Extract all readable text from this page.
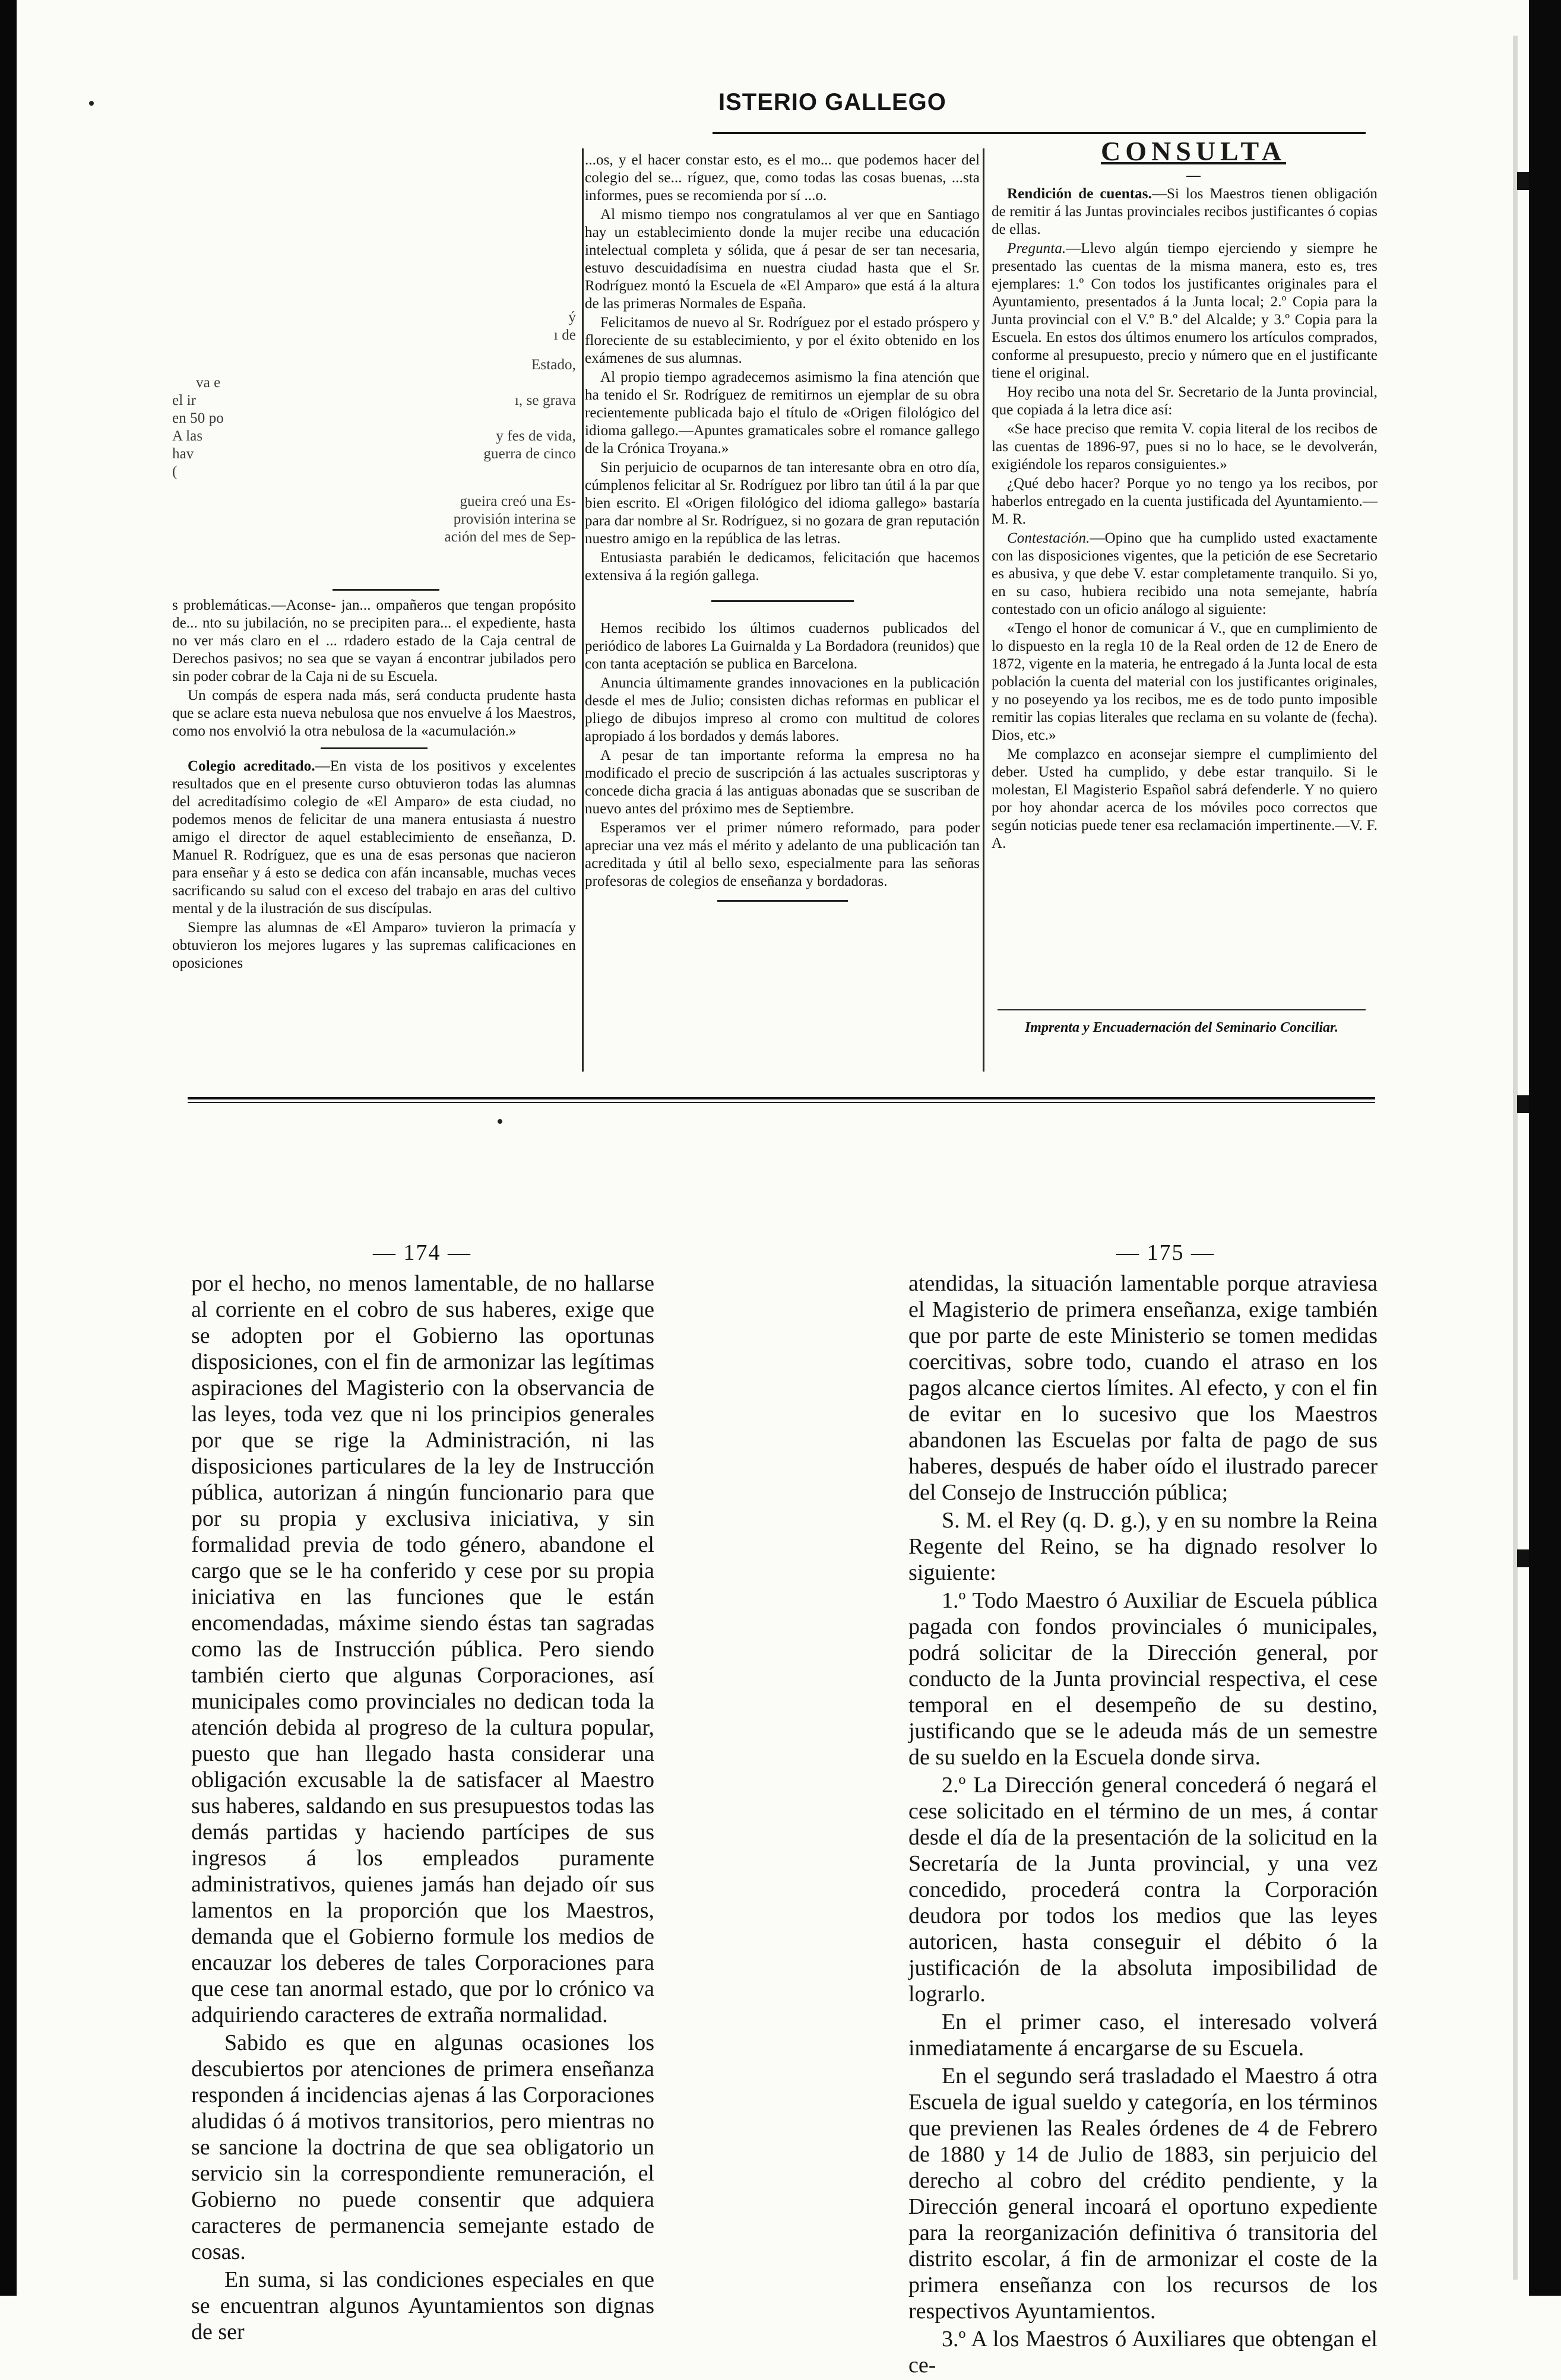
ISTERIO GALLEGO
ý
ı de
Estado,
va e
el ir	ı, se grava
en 50 po
A las	y fes de vida,
hav	guerra de cinco
(
gueira creó una Es-
provisión interina se
ación del mes de Sep-

s problemáticas.—Aconse- jan... ompañeros que tengan propósito de... nto su jubilación, no se precipiten para... el expediente, hasta no ver más claro en el ... rdadero estado de la Caja central de Derechos pasivos; no sea que se vayan á encontrar jubilados pero sin poder cobrar de la Caja ni de su Escuela.

Un compás de espera nada más, será conducta prudente hasta que se aclare esta nueva nebulosa que nos envuelve á los Maestros, como nos envolvió la otra nebulosa de la «acumulación.»

Colegio acreditado.—En vista de los positivos y excelentes resultados que en el presente curso obtuvieron todas las alumnas del acreditadísimo colegio de «El Amparo» de esta ciudad, no podemos menos de felicitar de una manera entusiasta á nuestro amigo el director de aquel establecimiento de enseñanza, D. Manuel R. Rodríguez, que es una de esas personas que nacieron para enseñar y á esto se dedica con afán incansable, muchas veces sacrificando su salud con el exceso del trabajo en aras del cultivo mental y de la ilustración de sus discípulas.

Siempre las alumnas de «El Amparo» tuvieron la primacía y obtuvieron los mejores lugares y las supremas calificaciones en oposiciones

...os, y el hacer constar esto, es el mo... que podemos hacer del colegio del se... ríguez, que, como todas las cosas buenas, ...sta informes, pues se recomienda por sí ...o.

Al mismo tiempo nos congratulamos al ver que en Santiago hay un establecimiento donde la mujer recibe una educación intelectual completa y sólida, que á pesar de ser tan necesaria, estuvo descuidadísima en nuestra ciudad hasta que el Sr. Rodríguez montó la Escuela de «El Amparo» que está á la altura de las primeras Normales de España.

Felicitamos de nuevo al Sr. Rodríguez por el estado próspero y floreciente de su establecimiento, y por el éxito obtenido en los exámenes de sus alumnas.

Al propio tiempo agradecemos asimismo la fina atención que ha tenido el Sr. Rodríguez de remitirnos un ejemplar de su obra recientemente publicada bajo el título de «Origen filológico del idioma gallego.—Apuntes gramaticales sobre el romance gallego de la Crónica Troyana.»

Sin perjuicio de ocuparnos de tan interesante obra en otro día, cúmplenos felicitar al Sr. Rodríguez por libro tan útil á la par que bien escrito. El «Origen filológico del idioma gallego» bastaría para dar nombre al Sr. Rodríguez, si no gozara de gran reputación nuestro amigo en la república de las letras.

Entusiasta parabién le dedicamos, felicitación que hacemos extensiva á la región gallega.

Hemos recibido los últimos cuadernos publicados del periódico de labores La Guirnalda y La Bordadora (reunidos) que con tanta aceptación se publica en Barcelona.

Anuncia últimamente grandes innovaciones en la publicación desde el mes de Julio; consisten dichas reformas en publicar el pliego de dibujos impreso al cromo con multitud de colores apropiado á los bordados y demás labores.

A pesar de tan importante reforma la empresa no ha modificado el precio de suscripción á las actuales suscriptoras y concede dicha gracia á las antiguas abonadas que se suscriban de nuevo antes del próximo mes de Septiembre.

Esperamos ver el primer número reformado, para poder apreciar una vez más el mérito y adelanto de una publicación tan acreditada y útil al bello sexo, especialmente para las señoras profesoras de colegios de enseñanza y bordadoras.

CONSULTA

Rendición de cuentas.—Si los Maestros tienen obligación de remitir á las Juntas provinciales recibos justificantes ó copias de ellas.

Pregunta.—Llevo algún tiempo ejerciendo y siempre he presentado las cuentas de la misma manera, esto es, tres ejemplares: 1.º Con todos los justificantes originales para el Ayuntamiento, presentados á la Junta local; 2.º Copia para la Junta provincial con el V.º B.º del Alcalde; y 3.º Copia para la Escuela. En estos dos últimos enumero los artículos comprados, conforme al presupuesto, precio y número que en el justificante tiene el original.

Hoy recibo una nota del Sr. Secretario de la Junta provincial, que copiada á la letra dice así:

«Se hace preciso que remita V. copia literal de los recibos de las cuentas de 1896-97, pues si no lo hace, se le devolverán, exigiéndole los reparos consiguientes.»

¿Qué debo hacer? Porque yo no tengo ya los recibos, por haberlos entregado en la cuenta justificada del Ayuntamiento.—M. R.

Contestación.—Opino que ha cumplido usted exactamente con las disposiciones vigentes, que la petición de ese Secretario es abusiva, y que debe V. estar completamente tranquilo. Si yo, en su caso, hubiera recibido una nota semejante, habría contestado con un oficio análogo al siguiente:

«Tengo el honor de comunicar á V., que en cumplimiento de lo dispuesto en la regla 10 de la Real orden de 12 de Enero de 1872, vigente en la materia, he entregado á la Junta local de esta población la cuenta del material con los justificantes originales, y no poseyendo ya los recibos, me es de todo punto imposible remitir las copias literales que reclama en su volante de (fecha). Dios, etc.»

Me complazco en aconsejar siempre el cumplimiento del deber. Usted ha cumplido, y debe estar tranquilo. Si le molestan, El Magisterio Español sabrá defenderle. Y no quiero por hoy ahondar acerca de los móviles poco correctos que según noticias puede tener esa reclamación impertinente.—V. F. A.

Imprenta y Encuadernación del Seminario Conciliar.
— 174 —

por el hecho, no menos lamentable, de no hallarse al corriente en el cobro de sus haberes, exige que se adopten por el Gobierno las oportunas disposiciones, con el fin de armonizar las legítimas aspiraciones del Magisterio con la observancia de las leyes, toda vez que ni los principios generales por que se rige la Administración, ni las disposiciones particulares de la ley de Instrucción pública, autorizan á ningún funcionario para que por su propia y exclusiva iniciativa, y sin formalidad previa de todo género, abandone el cargo que se le ha conferido y cese por su propia iniciativa en las funciones que le están encomendadas, máxime siendo éstas tan sagradas como las de Instrucción pública. Pero siendo también cierto que algunas Corporaciones, así municipales como provinciales no dedican toda la atención debida al progreso de la cultura popular, puesto que han llegado hasta considerar una obligación excusable la de satisfacer al Maestro sus haberes, saldando en sus presupuestos todas las demás partidas y haciendo partícipes de sus ingresos á los empleados puramente administrativos, quienes jamás han dejado oír sus lamentos en la proporción que los Maestros, demanda que el Gobierno formule los medios de encauzar los deberes de tales Corporaciones para que cese tan anormal estado, que por lo crónico va adquiriendo caracteres de extraña normalidad.

Sabido es que en algunas ocasiones los descubiertos por atenciones de primera enseñanza responden á incidencias ajenas á las Corporaciones aludidas ó á motivos transitorios, pero mientras no se sancione la doctrina de que sea obligatorio un servicio sin la correspondiente remuneración, el Gobierno no puede consentir que adquiera caracteres de permanencia semejante estado de cosas.

En suma, si las condiciones especiales en que se encuentran algunos Ayuntamientos son dignas de ser

— 175 —

atendidas, la situación lamentable porque atraviesa el Magisterio de primera enseñanza, exige también que por parte de este Ministerio se tomen medidas coercitivas, sobre todo, cuando el atraso en los pagos alcance ciertos límites. Al efecto, y con el fin de evitar en lo sucesivo que los Maestros abandonen las Escuelas por falta de pago de sus haberes, después de haber oído el ilustrado parecer del Consejo de Instrucción pública;

S. M. el Rey (q. D. g.), y en su nombre la Reina Regente del Reino, se ha dignado resolver lo siguiente:

1.º Todo Maestro ó Auxiliar de Escuela pública pagada con fondos provinciales ó municipales, podrá solicitar de la Dirección general, por conducto de la Junta provincial respectiva, el cese temporal en el desempeño de su destino, justificando que se le adeuda más de un semestre de su sueldo en la Escuela donde sirva.

2.º La Dirección general concederá ó negará el cese solicitado en el término de un mes, á contar desde el día de la presentación de la solicitud en la Secretaría de la Junta provincial, y una vez concedido, procederá contra la Corporación deudora por todos los medios que las leyes autoricen, hasta conseguir el débito ó la justificación de la absoluta imposibilidad de lograrlo.

En el primer caso, el interesado volverá inmediatamente á encargarse de su Escuela.

En el segundo será trasladado el Maestro á otra Escuela de igual sueldo y categoría, en los términos que previenen las Reales órdenes de 4 de Febrero de 1880 y 14 de Julio de 1883, sin perjuicio del derecho al cobro del crédito pendiente, y la Dirección general incoará el oportuno expediente para la reorganización definitiva ó transitoria del distrito escolar, á fin de armonizar el coste de la primera enseñanza con los recursos de los respectivos Ayuntamientos.

3.º A los Maestros ó Auxiliares que obtengan el ce-
